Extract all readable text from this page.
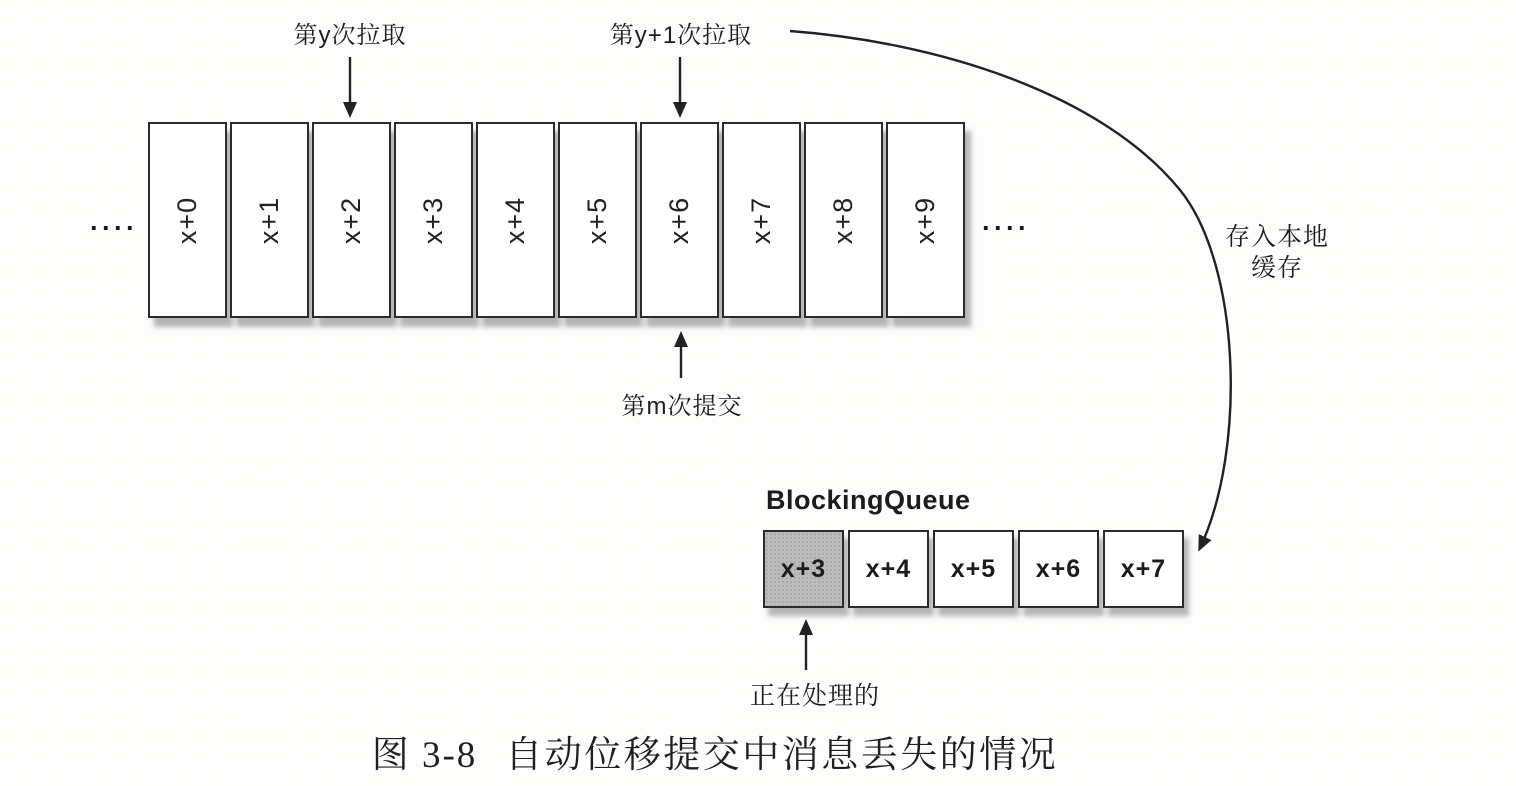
第y次拉取	第y+1次拉取
···· x+0 x+1 x+2 x+3 x+4 x+5 x+6 x+7 x+8 x+9 ····
第m次提交
存入本地
缓存
BlockingQueue
x+3 x+4 x+5 x+6 x+7
正在处理的
图 3-8 自动位移提交中消息丢失的情况
